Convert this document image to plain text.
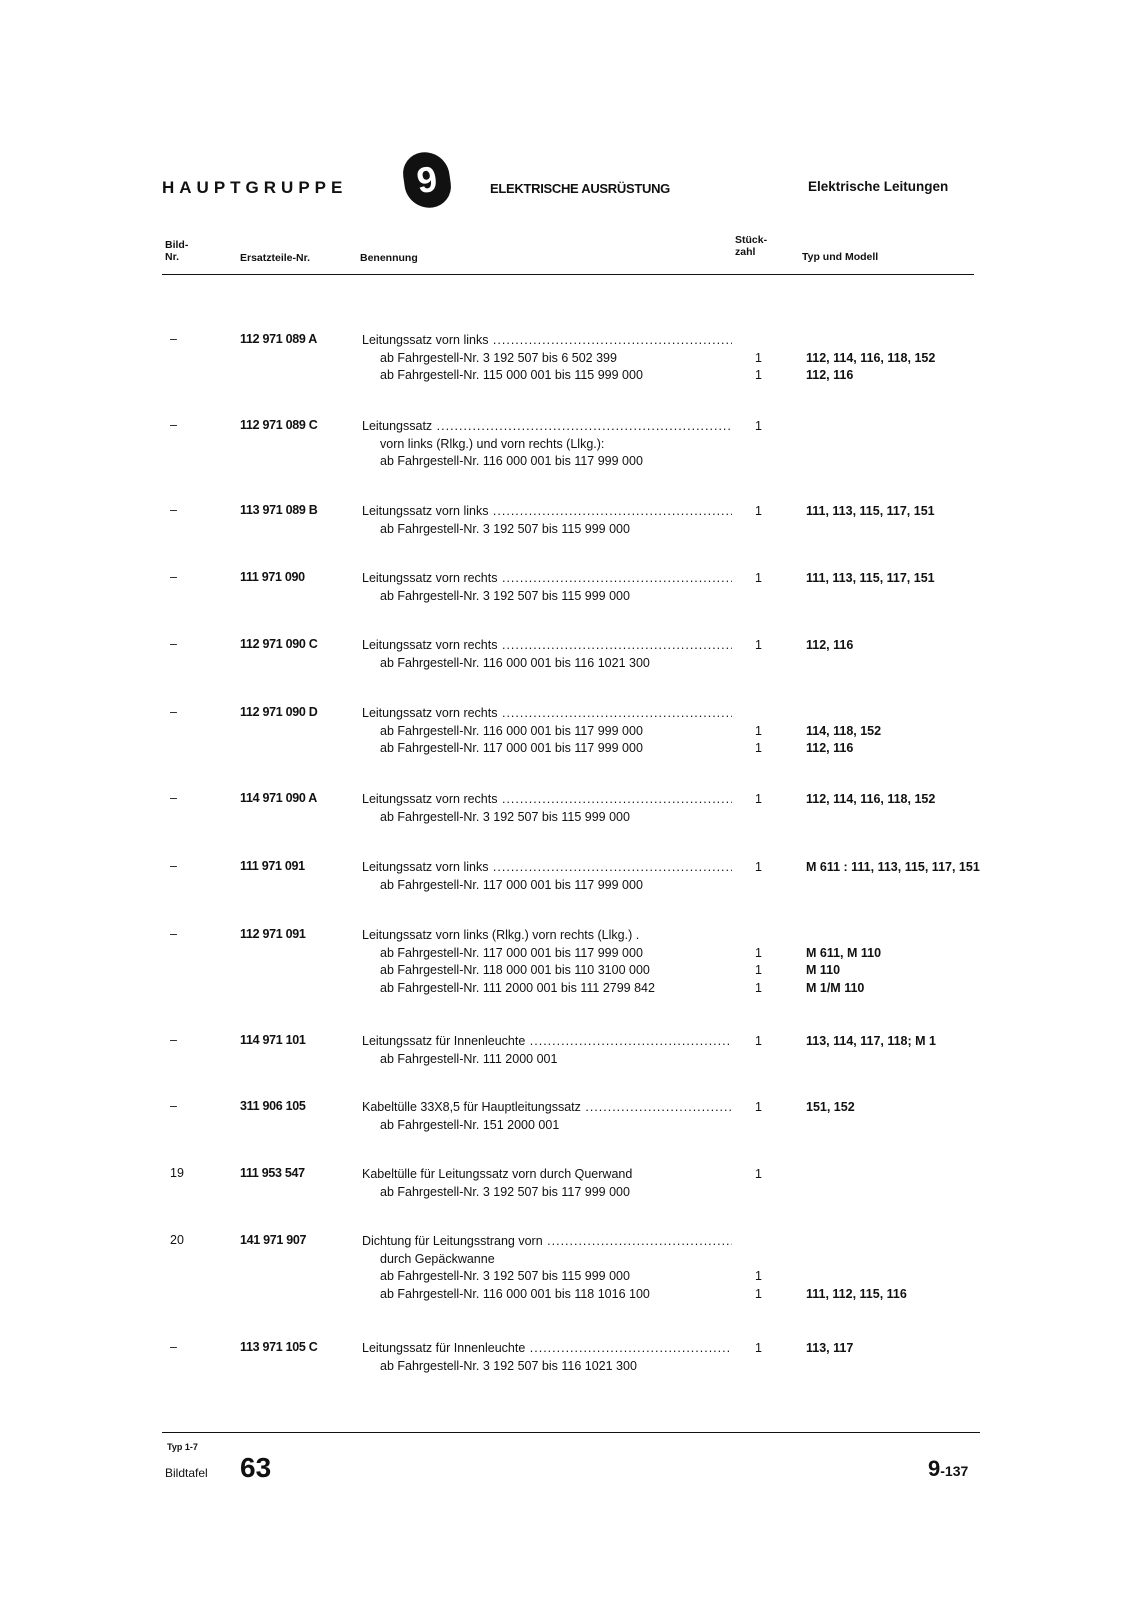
HAUPTGRUPPE	9	ELEKTRISCHE AUSRÜSTUNG	Elektrische Leitungen
Bild-
Nr.	Ersatzteile-Nr.	Benennung
Stück-
zahl	Typ und Modell
–	112 971 089 A	Leitungssatz vorn links .....
ab Fahrgestell-Nr. 3 192 507 bis 6 502 399	1	112, 114, 116, 118, 152
ab Fahrgestell-Nr. 115 000 001 bis 115 999 000	1	112, 116
–	112 971 089 C	Leitungssatz .....	1
vorn links (Rlkg.) und vorn rechts (Llkg.):
ab Fahrgestell-Nr. 116 000 001 bis 117 999 000
–	113 971 089 B	Leitungssatz vorn links .....	1	111, 113, 115, 117, 151
ab Fahrgestell-Nr. 3 192 507 bis 115 999 000
–	111 971 090	Leitungssatz vorn rechts .....	1	111, 113, 115, 117, 151
ab Fahrgestell-Nr. 3 192 507 bis 115 999 000
–	112 971 090 C	Leitungssatz vorn rechts .....	1	112, 116
ab Fahrgestell-Nr. 116 000 001 bis 116 1021 300
–	112 971 090 D	Leitungssatz vorn rechts .....
ab Fahrgestell-Nr. 116 000 001 bis 117 999 000	1	114, 118, 152
ab Fahrgestell-Nr. 117 000 001 bis 117 999 000	1	112, 116
–	114 971 090 A	Leitungssatz vorn rechts .....	1	112, 114, 116, 118, 152
ab Fahrgestell-Nr. 3 192 507 bis 115 999 000
–	111 971 091	Leitungssatz vorn links .....	1	M 611 : 111, 113, 115, 117, 151
ab Fahrgestell-Nr. 117 000 001 bis 117 999 000
–	112 971 091	Leitungssatz vorn links (Rlkg.) vorn rechts (Llkg.) .
ab Fahrgestell-Nr. 117 000 001 bis 117 999 000	1	M 611, M 110
ab Fahrgestell-Nr. 118 000 001 bis 110 3100 000	1	M 110
ab Fahrgestell-Nr. 111 2000 001 bis 111 2799 842	1	M 1/M 110
–	114 971 101	Leitungssatz für Innenleuchte .....	1	113, 114, 117, 118; M 1
ab Fahrgestell-Nr. 111 2000 001
–	311 906 105	Kabeltülle 33X8,5 für Hauptleitungssatz .....	1	151, 152
ab Fahrgestell-Nr. 151 2000 001
19	111 953 547	Kabeltülle für Leitungssatz vorn durch Querwand	1
ab Fahrgestell-Nr. 3 192 507 bis 117 999 000
20	141 971 907	Dichtung für Leitungsstrang vorn .....
durch Gepäckwanne
ab Fahrgestell-Nr. 3 192 507 bis 115 999 000	1
ab Fahrgestell-Nr. 116 000 001 bis 118 1016 100	1	111, 112, 115, 116
–	113 971 105 C	Leitungssatz für Innenleuchte .....	1	113, 117
ab Fahrgestell-Nr. 3 192 507 bis 116 1021 300
Typ 1-7
Bildtafel 63	9-137
